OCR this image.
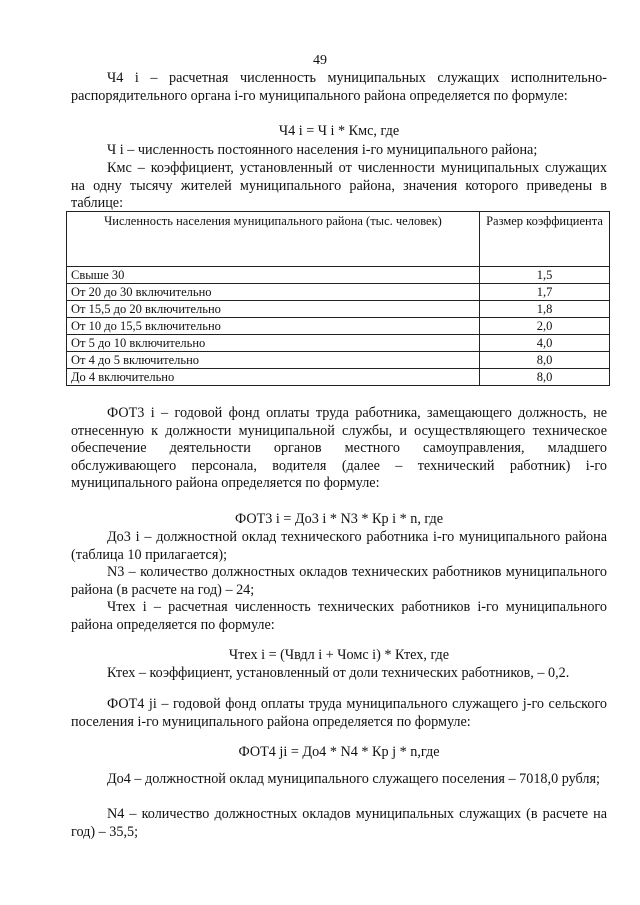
49

Ч4 i – расчетная численность муниципальных служащих исполнительно-распорядительного органа i-го муниципального района определяется по формуле:

Ч4 i = Ч i * Кмс, где

Ч i – численность постоянного населения i-го муниципального района;

Кмс – коэффициент, установленный от численности муниципальных служащих на одну тысячу жителей муниципального района, значения которого приведены в таблице:

Численность населения муниципального района (тыс. человек)	Размер коэффициента
Свыше 30	1,5
От 20 до 30 включительно	1,7
От 15,5 до 20 включительно	1,8
От 10 до 15,5 включительно	2,0
От 5 до 10 включительно	4,0
От 4 до 5 включительно	8,0
До 4 включительно	8,0

ФОТ3 i – годовой фонд оплаты труда работника, замещающего должность, не отнесенную к должности муниципальной службы, и осуществляющего техническое обеспечение деятельности органов местного самоуправления, младшего обслуживающего персонала, водителя (далее – технический работник) i-го муниципального района определяется по формуле:

ФОТ3 i = До3 i * N3 * Кр i * n, где

До3 i – должностной оклад технического работника i-го муниципального района (таблица 10 прилагается);

N3 – количество должностных окладов технических работников муниципального района (в расчете на год) – 24;

Чтех i – расчетная численность технических работников i-го муниципального района определяется по формуле:

Чтех i = (Чвдл i + Чомс i) * Ктех, где

Ктех – коэффициент, установленный от доли технических работников, – 0,2.

ФОТ4 ji – годовой фонд оплаты труда муниципального служащего j-го сельского поселения i-го муниципального района определяется по формуле:

ФОТ4 ji = До4 * N4 * Кр j * n,где

До4 – должностной оклад муниципального служащего поселения – 7018,0 рубля;

N4 – количество должностных окладов муниципальных служащих (в расчете на год) – 35,5;
